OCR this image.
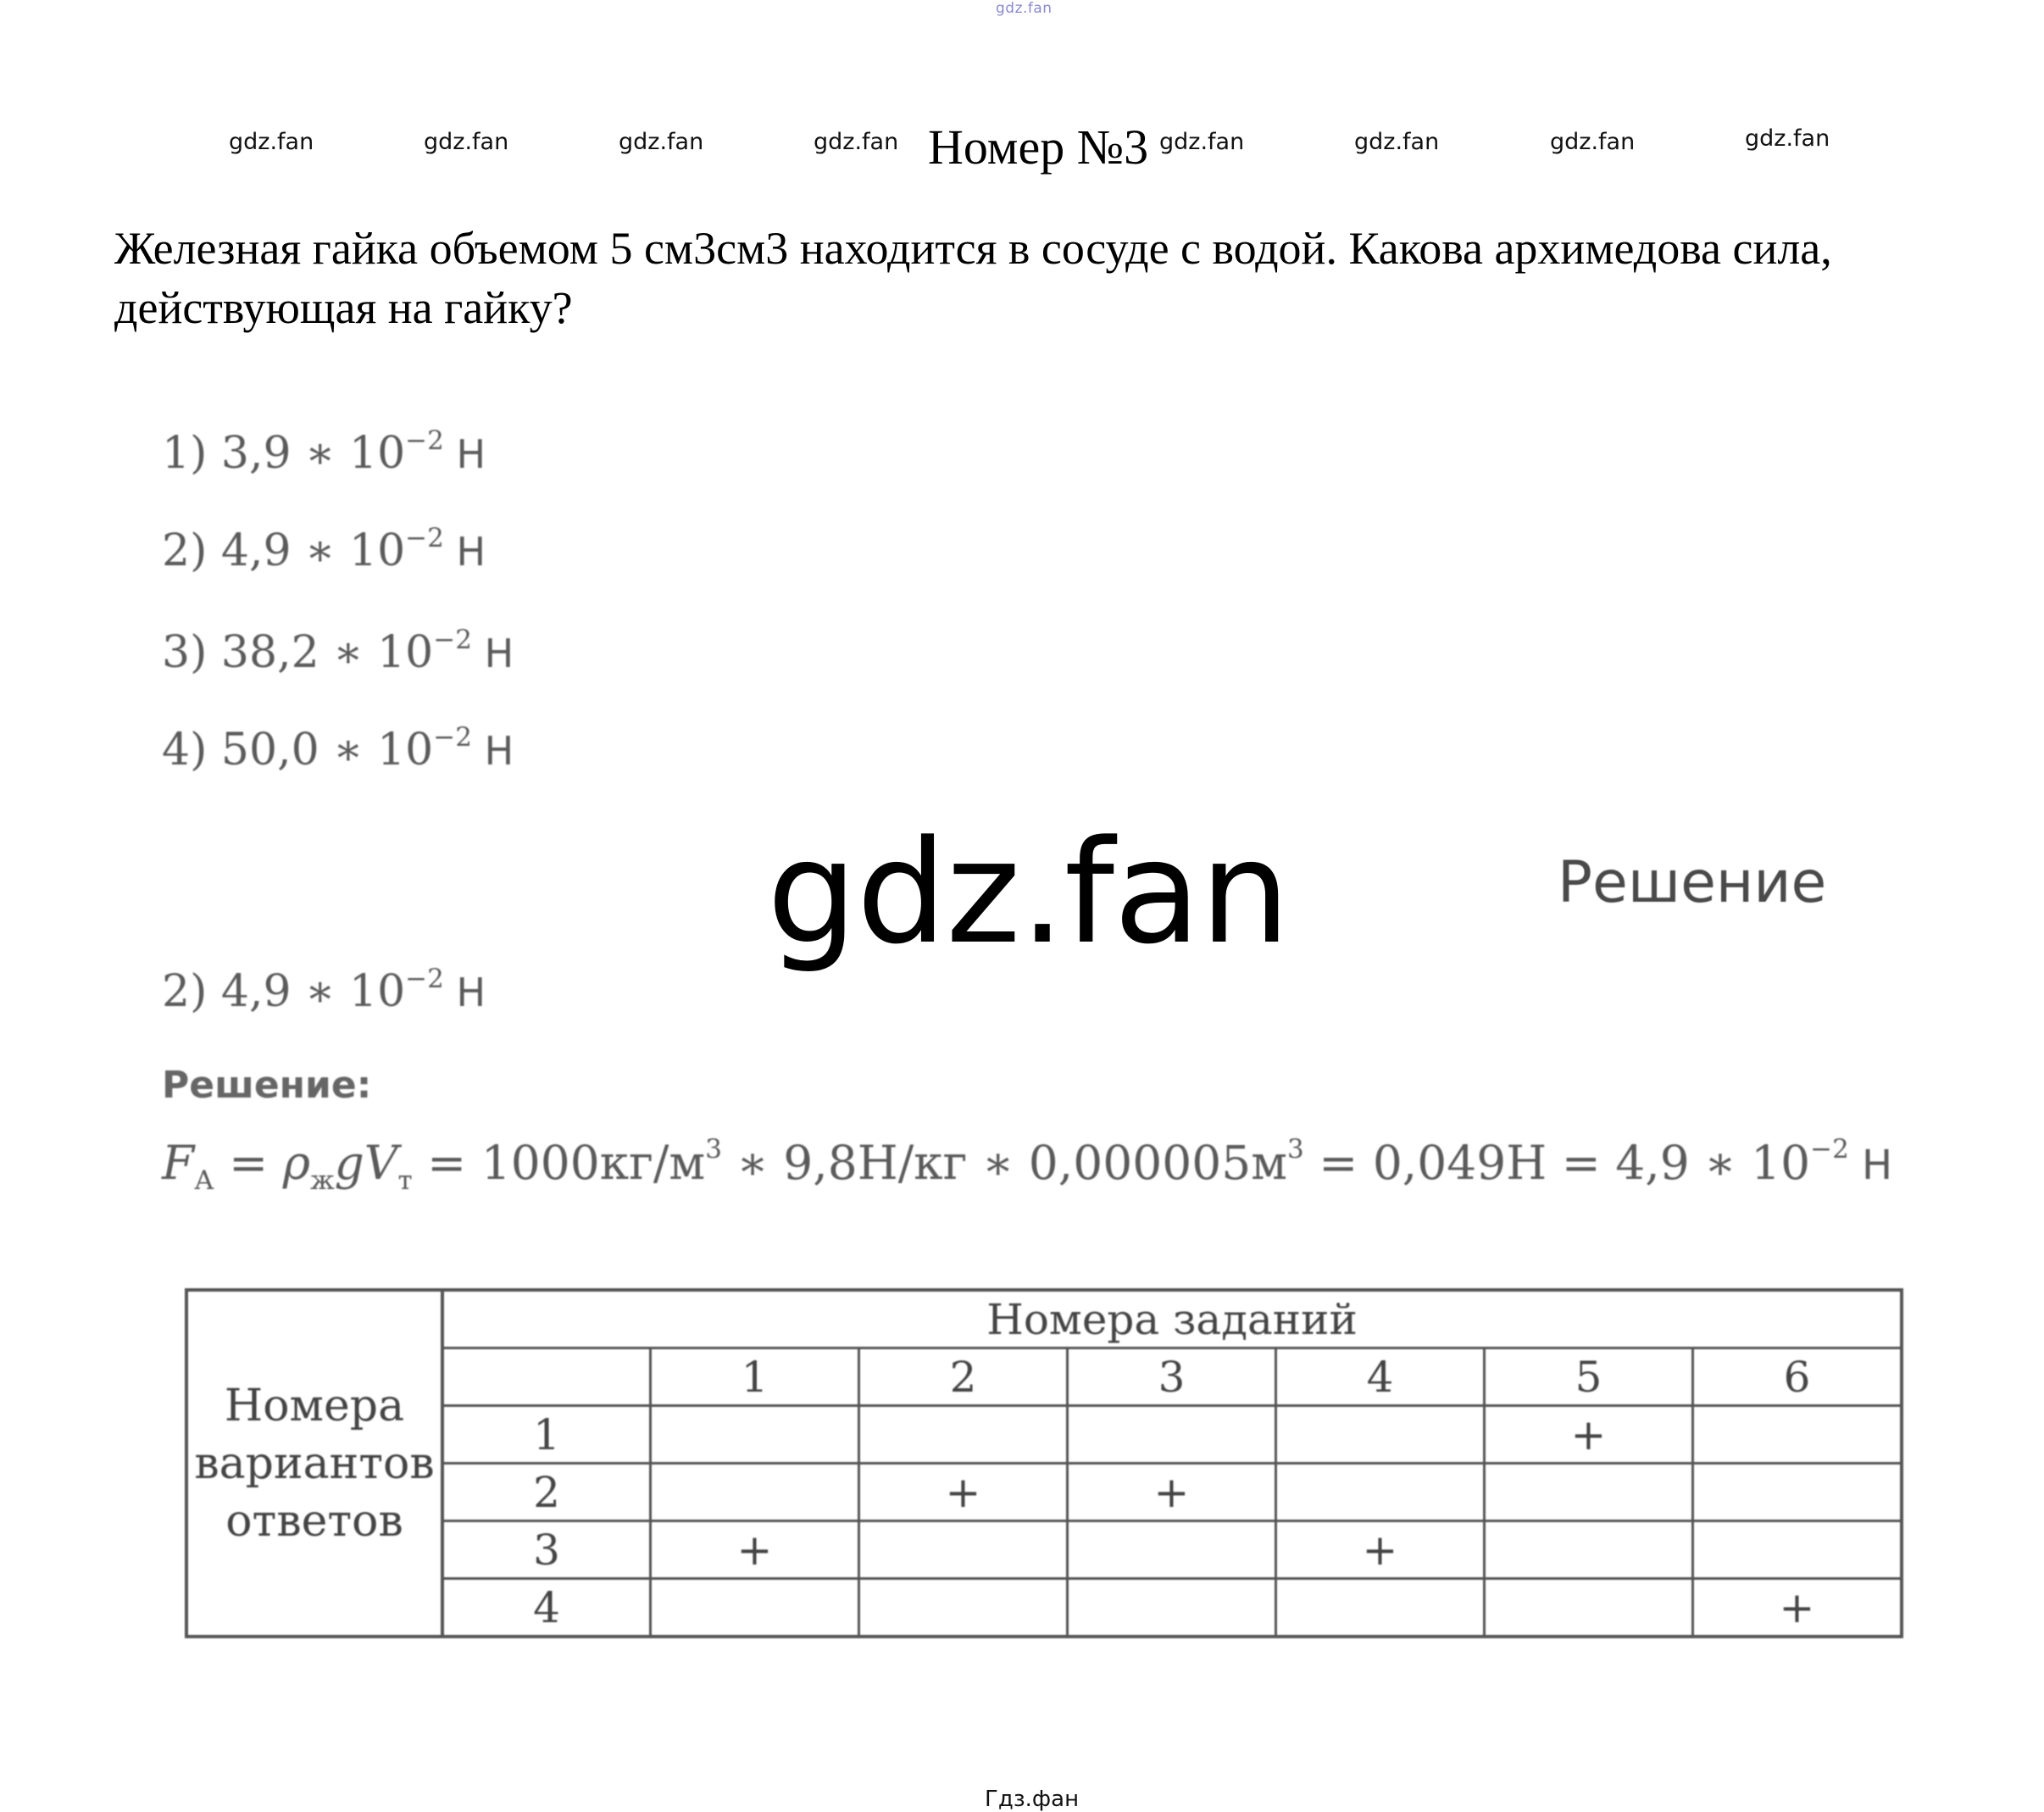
gdz.fan
gdz.fan	gdz.fan	gdz.fan	gdz.fan	gdz.fan	gdz.fan	gdz.fan	gdz.fan
Номер №3
Железная гайка объемом 5 см3см3 находится в сосуде с водой. Какова архимедова сила, действующая на гайку?
1) 3,9 ∗ $10^{-2}$ Н
2) 4,9 ∗ $10^{-2}$ Н
3) 38,2 ∗ $10^{-2}$ Н
4) 50,0 ∗ $10^{-2}$ Н
gdz.fan	Решение
2) 4,9 ∗ $10^{-2}$ Н
Решение:
$F_А = \rho_жgV_т = 1000кг/м^3$ ∗ 9,8Н/кг ∗ $0,000005м^3 = 0,049Н = 4,9$ ∗ $10^{-2}$ Н
Номера вариантов ответов	Номера заданий						
		1	2	3	4	5	6
	1					+	
	2		+	+			
	3	+			+		
	4						+
Гдз.фан
